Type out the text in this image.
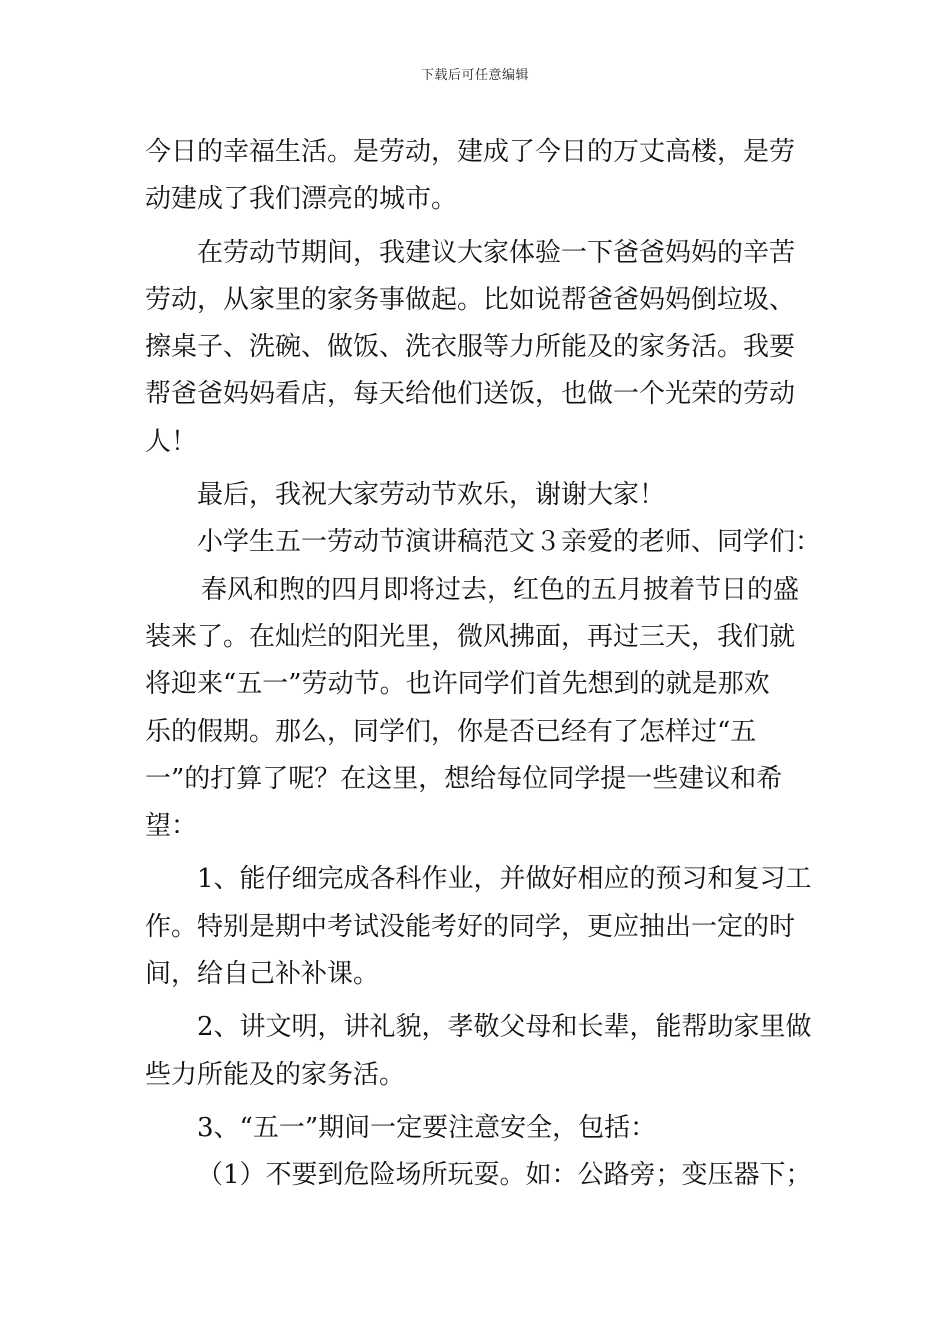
下载后可任意编辑
今日的幸福生活。是劳动，建成了今日的万丈高楼，是劳
动建成了我们漂亮的城市。
在劳动节期间，我建议大家体验一下爸爸妈妈的辛苦
劳动，从家里的家务事做起。比如说帮爸爸妈妈倒垃圾、
擦桌子、洗碗、做饭、洗衣服等力所能及的家务活。我要
帮爸爸妈妈看店，每天给他们送饭，也做一个光荣的劳动
人！
最后，我祝大家劳动节欢乐，谢谢大家！
小学生五一劳动节演讲稿范文３亲爱的老师、同学们：
春风和煦的四月即将过去，红色的五月披着节日的盛
装来了。在灿烂的阳光里，微风拂面，再过三天，我们就
将迎来“五一”劳动节。也许同学们首先想到的就是那欢
乐的假期。那么，同学们，你是否已经有了怎样过“五
一”的打算了呢？在这里，想给每位同学提一些建议和希
望：
1、能仔细完成各科作业，并做好相应的预习和复习工
作。特别是期中考试没能考好的同学，更应抽出一定的时
间，给自己补补课。
2、讲文明，讲礼貌，孝敬父母和长辈，能帮助家里做
些力所能及的家务活。
3、“五一”期间一定要注意安全，包括：
（1）不要到危险场所玩耍。如：公路旁；变压器下；
